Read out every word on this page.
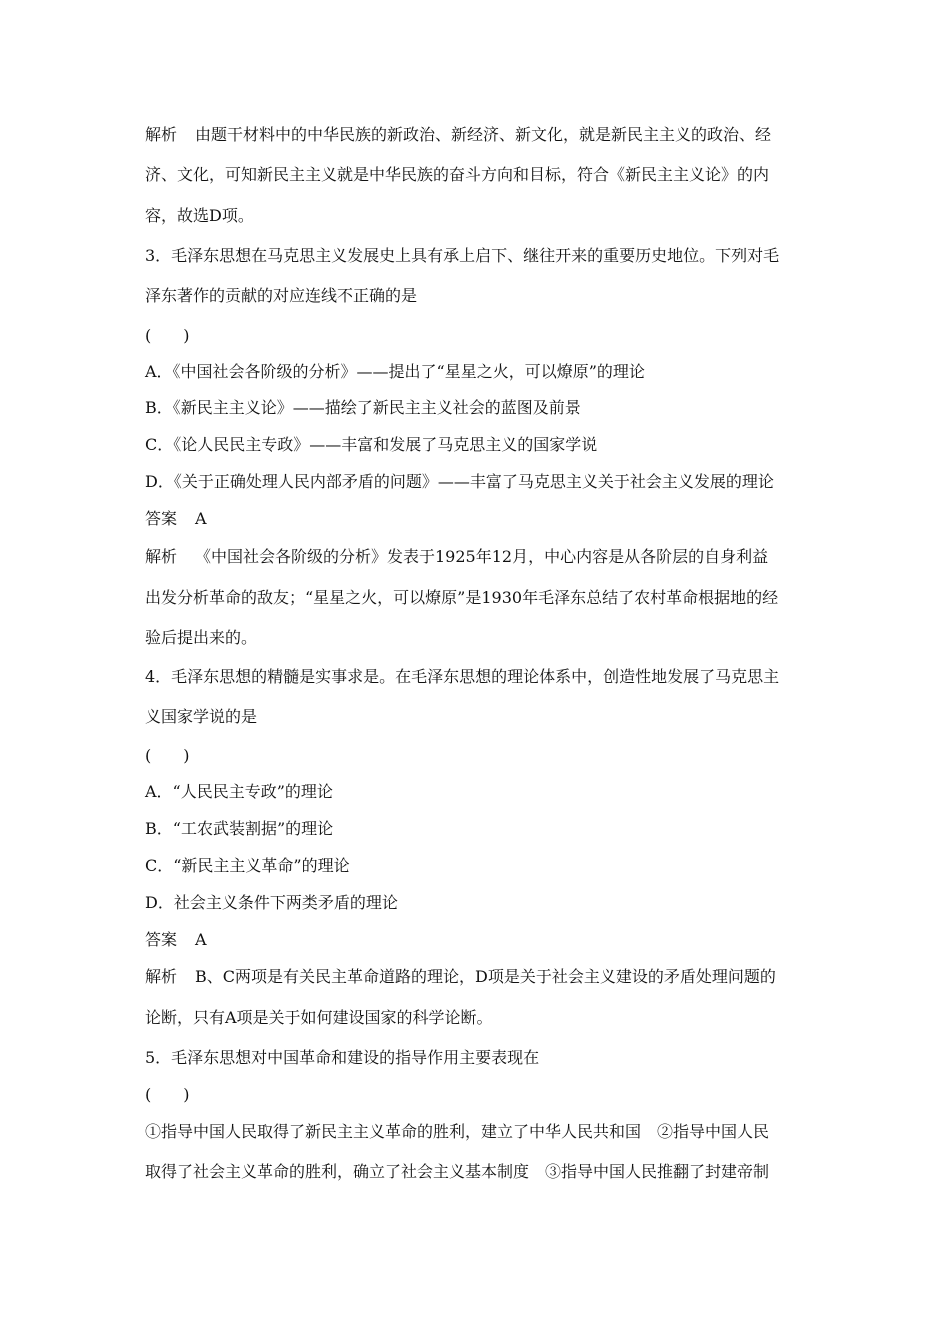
解析 由题干材料中的中华民族的新政治、新经济、新文化，就是新民主主义的政治、经
济、文化，可知新民主主义就是中华民族的奋斗方向和目标，符合《新民主主义论》的内
容，故选D项。
3．毛泽东思想在马克思主义发展史上具有承上启下、继往开来的重要历史地位。下列对毛
泽东著作的贡献的对应连线不正确的是
(　　)
A．《中国社会各阶级的分析》——提出了“星星之火，可以燎原”的理论
B．《新民主主义论》——描绘了新民主主义社会的蓝图及前景
C．《论人民民主专政》——丰富和发展了马克思主义的国家学说
D．《关于正确处理人民内部矛盾的问题》——丰富了马克思主义关于社会主义发展的理论
答案 A
解析 《中国社会各阶级的分析》发表于1925年12月，中心内容是从各阶层的自身利益
出发分析革命的敌友；“星星之火，可以燎原”是1930年毛泽东总结了农村革命根据地的经
验后提出来的。
4．毛泽东思想的精髓是实事求是。在毛泽东思想的理论体系中，创造性地发展了马克思主
义国家学说的是
(　　)
A．“人民民主专政”的理论
B．“工农武装割据”的理论
C．“新民主主义革命”的理论
D．社会主义条件下两类矛盾的理论
答案 A
解析 B、C两项是有关民主革命道路的理论，D项是关于社会主义建设的矛盾处理问题的
论断，只有A项是关于如何建设国家的科学论断。
5．毛泽东思想对中国革命和建设的指导作用主要表现在
(　　)
①指导中国人民取得了新民主主义革命的胜利，建立了中华人民共和国　②指导中国人民
取得了社会主义革命的胜利，确立了社会主义基本制度　③指导中国人民推翻了封建帝制
